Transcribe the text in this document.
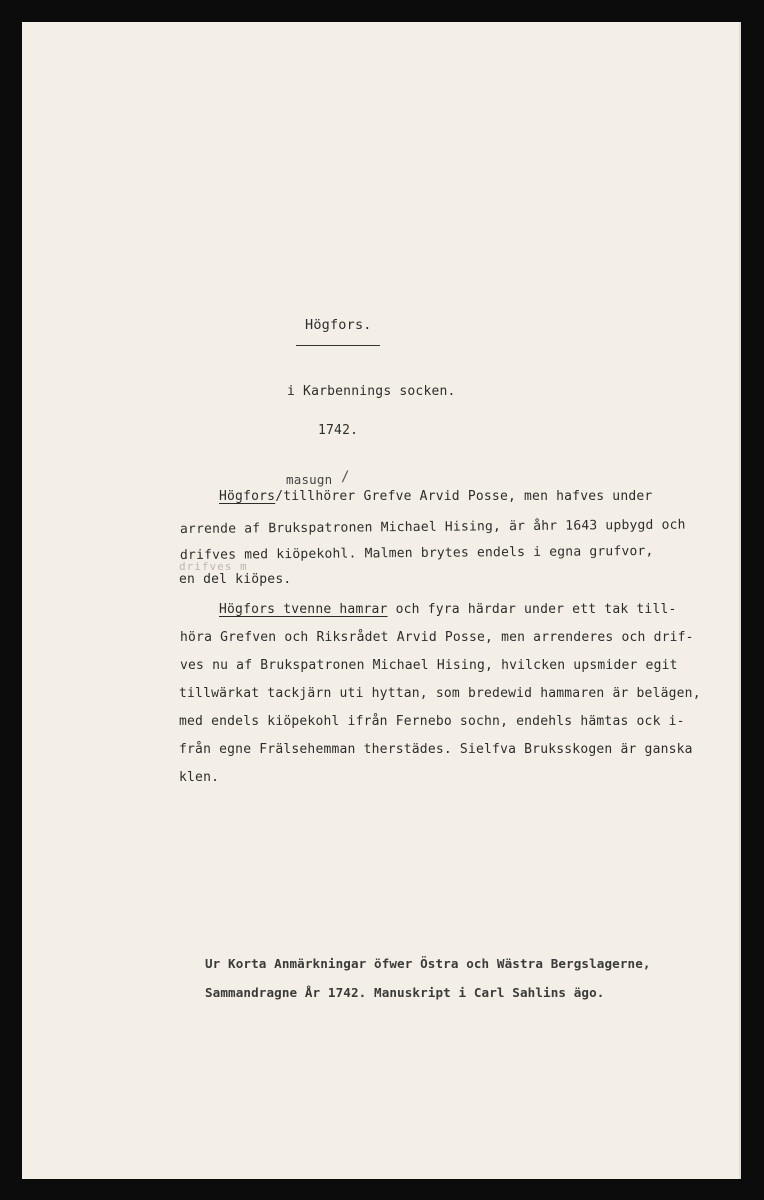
Högfors.
i Karbennings socken.
1742.
masugn /
Högfors/tillhörer Grefve Arvid Posse, men hafves under
arrende af Brukspatronen Michael Hising, är åhr 1643 upbygd och
drifves med kiöpekohl. Malmen brytes endels i egna grufvor,
drifves m
en del kiöpes.
Högfors tvenne hamrar och fyra härdar under ett tak till-
höra Grefven och Riksrådet Arvid Posse, men arrenderes och drif-
ves nu af Brukspatronen Michael Hising, hvilcken upsmider egit
tillwärkat tackjärn uti hyttan, som bredewid hammaren är belägen,
med endels kiöpekohl ifrån Fernebo sochn, endehls hämtas ock i-
från egne Frälsehemman therstädes. Sielfva Bruksskogen är ganska
klen.
Ur Korta Anmärkningar öfwer Östra och Wästra Bergslagerne,
Sammandragne År 1742. Manuskript i Carl Sahlins ägo.
